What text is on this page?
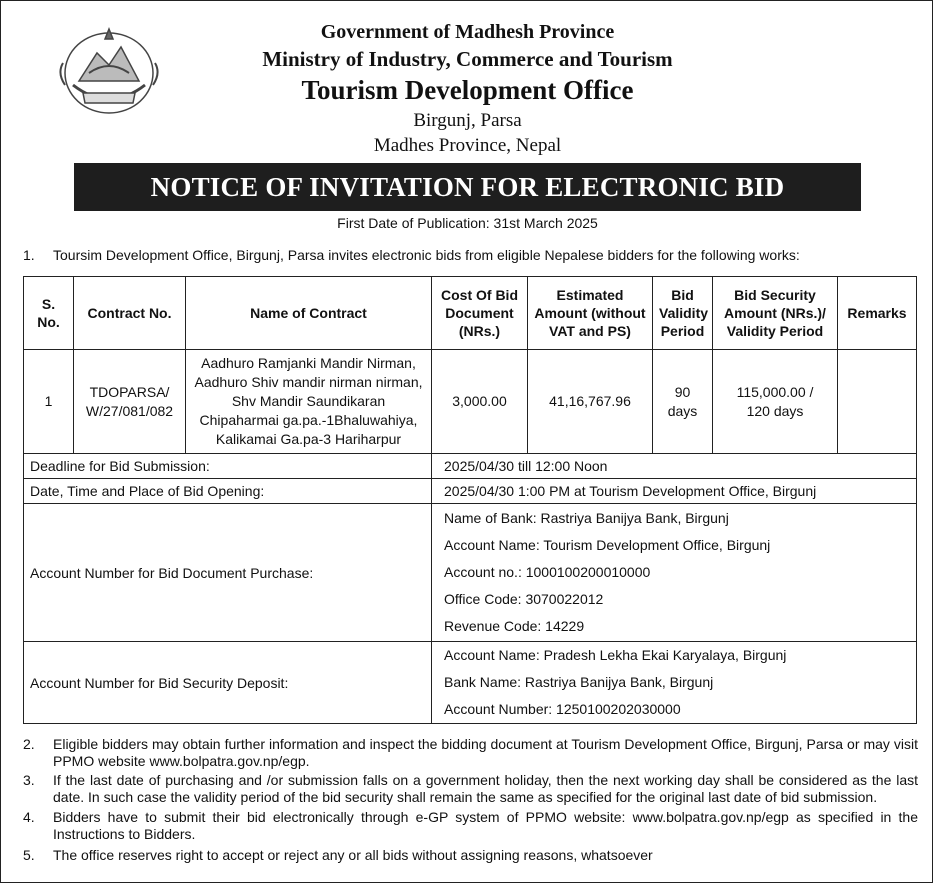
Government of Madhesh Province
Ministry of Industry, Commerce and Tourism
Tourism Development Office
Birgunj, Parsa
Madhes Province, Nepal
NOTICE OF INVITATION FOR ELECTRONIC BID
First Date of Publication: 31st March 2025
1.	Toursim Development Office, Birgunj, Parsa invites electronic bids from eligible Nepalese bidders for the following works:
S. No.	Contract No.	Name of Contract	Cost Of Bid Document (NRs.)	Estimated Amount (without VAT and PS)	Bid Validity Period	Bid Security Amount (NRs.)/ Validity Period	Remarks
1	TDOPARSA/ W/27/081/082	Aadhuro Ramjanki Mandir Nirman, Aadhuro Shiv mandir nirman nirman, Shv Mandir Saundikaran Chipaharmai ga.pa.-1Bhaluwahiya, Kalikamai Ga.pa-3 Hariharpur	3,000.00	41,16,767.96	90 days	115,000.00 / 120 days	
Deadline for Bid Submission:			2025/04/30 till 12:00 Noon				
Date, Time and Place of Bid Opening:			2025/04/30 1:00 PM at Tourism Development Office, Birgunj				
Account Number for Bid Document Purchase:			Name of Bank: Rastriya Banijya Bank, Birgunj
Account Name: Tourism Development Office, Birgunj
Account no.: 1000100200010000
Office Code: 3070022012
Revenue Code: 14229				

Account Number for Bid Security Deposit:			Account Name: Pradesh Lekha Ekai Karyalaya, Birgunj
Bank Name: Rastriya Banijya Bank, Birgunj
Account Number: 1250100202030000				
2.	Eligible bidders may obtain further information and inspect the bidding document at Tourism Development Office, Birgunj, Parsa or may visit PPMO website www.bolpatra.gov.np/egp.
3.	If the last date of purchasing and /or submission falls on a government holiday, then the next working day shall be considered as the last date. In such case the validity period of the bid security shall remain the same as specified for the original last date of bid submission.
4.	Bidders have to submit their bid electronically through e-GP system of PPMO website: www.bolpatra.gov.np/egp as specified in the Instructions to Bidders.
5.	The office reserves right to accept or reject any or all bids without assigning reasons, whatsoever
